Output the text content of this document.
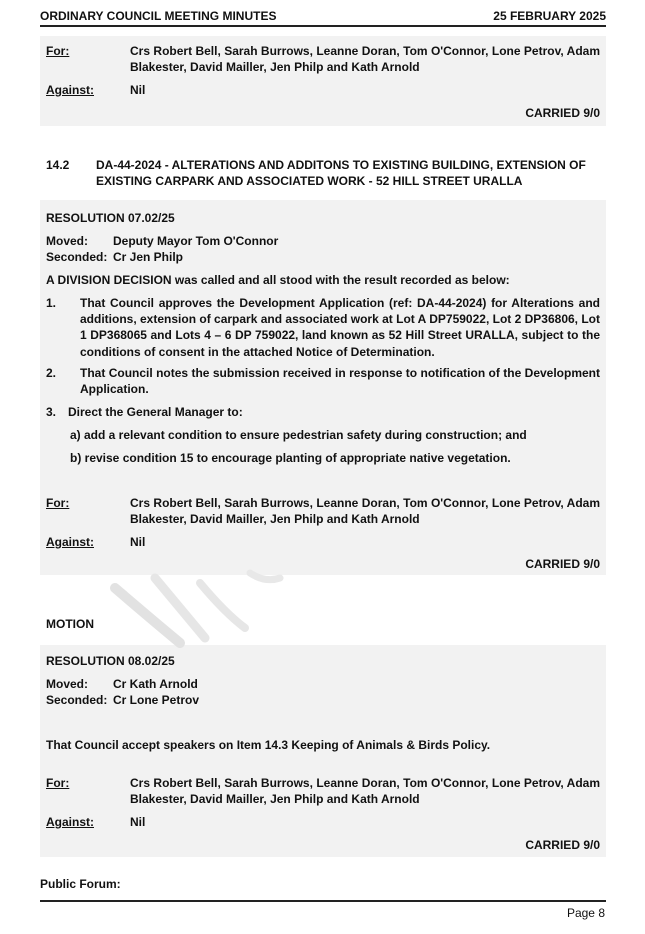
ORDINARY COUNCIL MEETING MINUTES	25 FEBRUARY 2025
For:	Crs Robert Bell, Sarah Burrows, Leanne Doran, Tom O'Connor, Lone Petrov, Adam Blakester, David Mailler, Jen Philp and Kath Arnold
Against:	Nil
CARRIED 9/0
14.2 DA-44-2024 - ALTERATIONS AND ADDITONS TO EXISTING BUILDING, EXTENSION OF EXISTING CARPARK AND ASSOCIATED WORK - 52 HILL STREET URALLA
RESOLUTION 07.02/25
Moved: Deputy Mayor Tom O'Connor
Seconded: Cr Jen Philp
A DIVISION DECISION was called and all stood with the result recorded as below:
1. That Council approves the Development Application (ref: DA-44-2024) for Alterations and additions, extension of carpark and associated work at Lot A DP759022, Lot 2 DP36806, Lot 1 DP368065 and Lots 4 – 6 DP 759022, land known as 52 Hill Street URALLA, subject to the conditions of consent in the attached Notice of Determination.
2. That Council notes the submission received in response to notification of the Development Application.
3. Direct the General Manager to:
a) add a relevant condition to ensure pedestrian safety during construction; and
b) revise condition 15 to encourage planting of appropriate native vegetation.
For:	Crs Robert Bell, Sarah Burrows, Leanne Doran, Tom O'Connor, Lone Petrov, Adam Blakester, David Mailler, Jen Philp and Kath Arnold
Against:	Nil
CARRIED 9/0
MOTION
RESOLUTION 08.02/25
Moved: Cr Kath Arnold
Seconded: Cr Lone Petrov
That Council accept speakers on Item 14.3 Keeping of Animals & Birds Policy.
For:	Crs Robert Bell, Sarah Burrows, Leanne Doran, Tom O'Connor, Lone Petrov, Adam Blakester, David Mailler, Jen Philp and Kath Arnold
Against:	Nil
CARRIED 9/0
Public Forum:
Page 8
